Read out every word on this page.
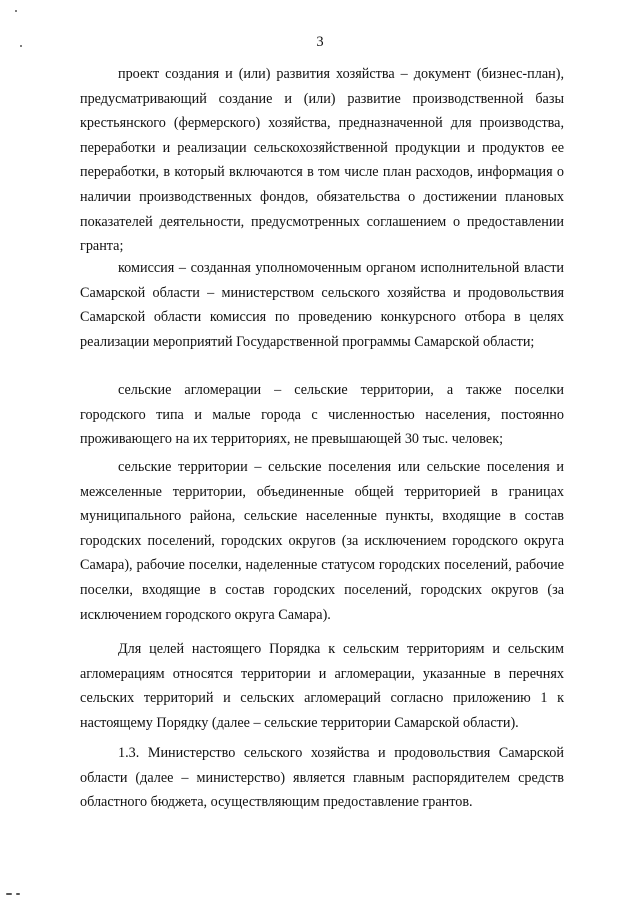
3

проект создания и (или) развития хозяйства – документ (бизнес-план), предусматривающий создание и (или) развитие производственной базы крестьянского (фермерского) хозяйства, предназначенной для производства, переработки и реализации сельскохозяйственной продукции и продуктов ее переработки, в который включаются в том числе план расходов, информация о наличии производственных фондов, обязательства о достижении плановых показателей деятельности, предусмотренных соглашением о предоставлении гранта;

комиссия – созданная уполномоченным органом исполнительной власти Самарской области – министерством сельского хозяйства и продовольствия Самарской области комиссия по проведению конкурсного отбора в целях реализации мероприятий Государственной программы Самарской области;

сельские агломерации – сельские территории, а также поселки городского типа и малые города с численностью населения, постоянно проживающего на их территориях, не превышающей 30 тыс. человек;

сельские территории – сельские поселения или сельские поселения и межселенные территории, объединенные общей территорией в границах муниципального района, сельские населенные пункты, входящие в состав городских поселений, городских округов (за исключением городского округа Самара), рабочие поселки, наделенные статусом городских поселений, рабочие поселки, входящие в состав городских поселений, городских округов (за исключением городского округа Самара).

Для целей настоящего Порядка к сельским территориям и сельским агломерациям относятся территории и агломерации, указанные в перечнях сельских территорий и сельских агломераций согласно приложению 1 к настоящему Порядку (далее – сельские территории Самарской области).

1.3. Министерство сельского хозяйства и продовольствия Самарской области (далее – министерство) является главным распорядителем средств областного бюджета, осуществляющим предоставление грантов.
